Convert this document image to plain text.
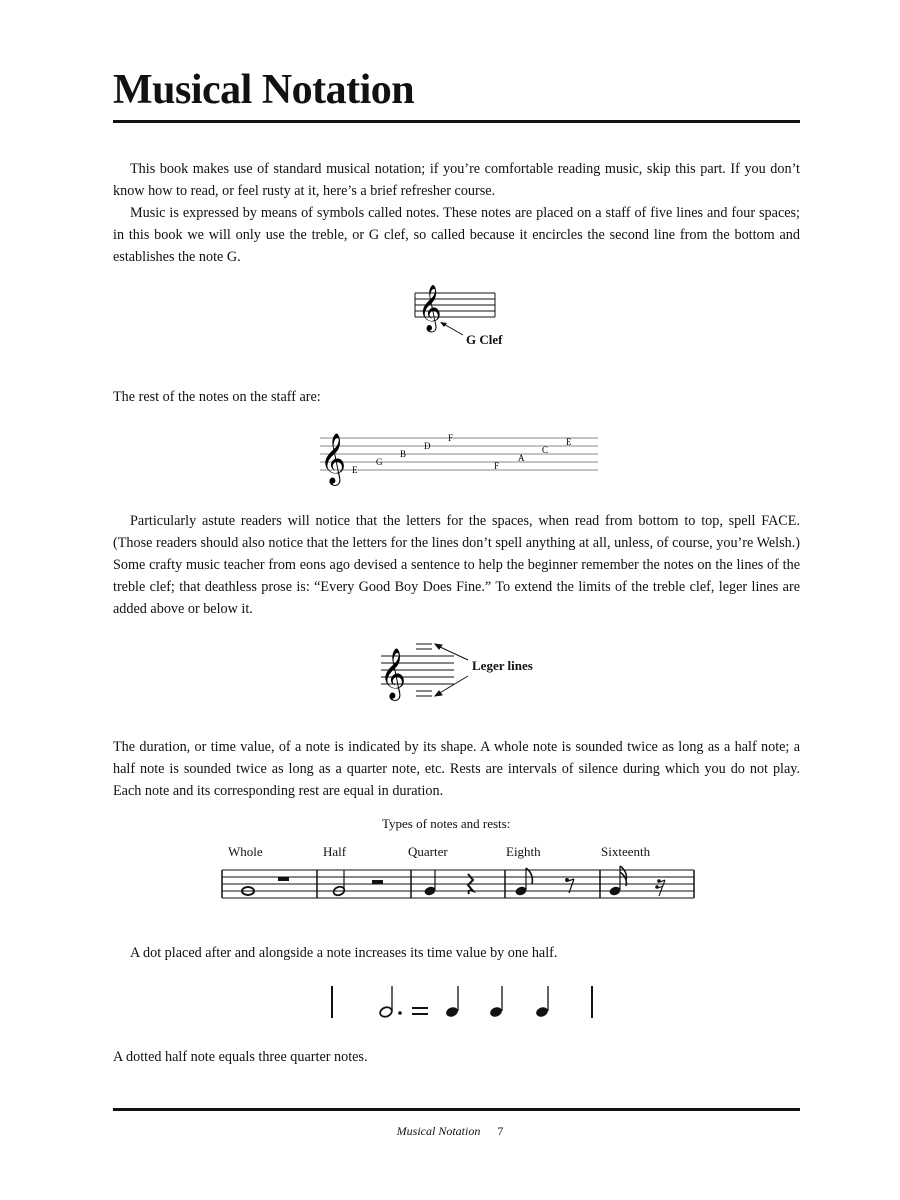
Musical Notation

This book makes use of standard musical notation; if you’re comfortable reading music, skip this part. If you don’t know how to read, or feel rusty at it, here’s a brief refresher course.

Music is expressed by means of symbols called notes. These notes are placed on a staff of five lines and four spaces; in this book we will only use the treble, or G clef, so called because it encircles the second line from the bottom and establishes the note G.

𝄞
G Clef

The rest of the notes on the staff are:

𝄞 E
G
B
D
F
F
A
C
E

Particularly astute readers will notice that the letters for the spaces, when read from bottom to top, spell FACE. (Those readers should also notice that the letters for the lines don’t spell anything at all, unless, of course, you’re Welsh.) Some crafty music teacher from eons ago devised a sentence to help the beginner remember the notes on the lines of the treble clef; that deathless prose is: “Every Good Boy Does Fine.” To extend the limits of the treble clef, leger lines are added above or below it.

𝄞	Leger lines

The duration, or time value, of a note is indicated by its shape. A whole note is sounded twice as long as a half note; a half note is sounded twice as long as a quarter note, etc. Rests are intervals of silence during which you do not play. Each note and its corresponding rest are equal in duration.

Types of notes and rests:
Whole	Half	Quarter	Eighth	Sixteenth

A dot placed after and alongside a note increases its time value by one half.

A dotted half note equals three quarter notes.

Musical Notation 7
